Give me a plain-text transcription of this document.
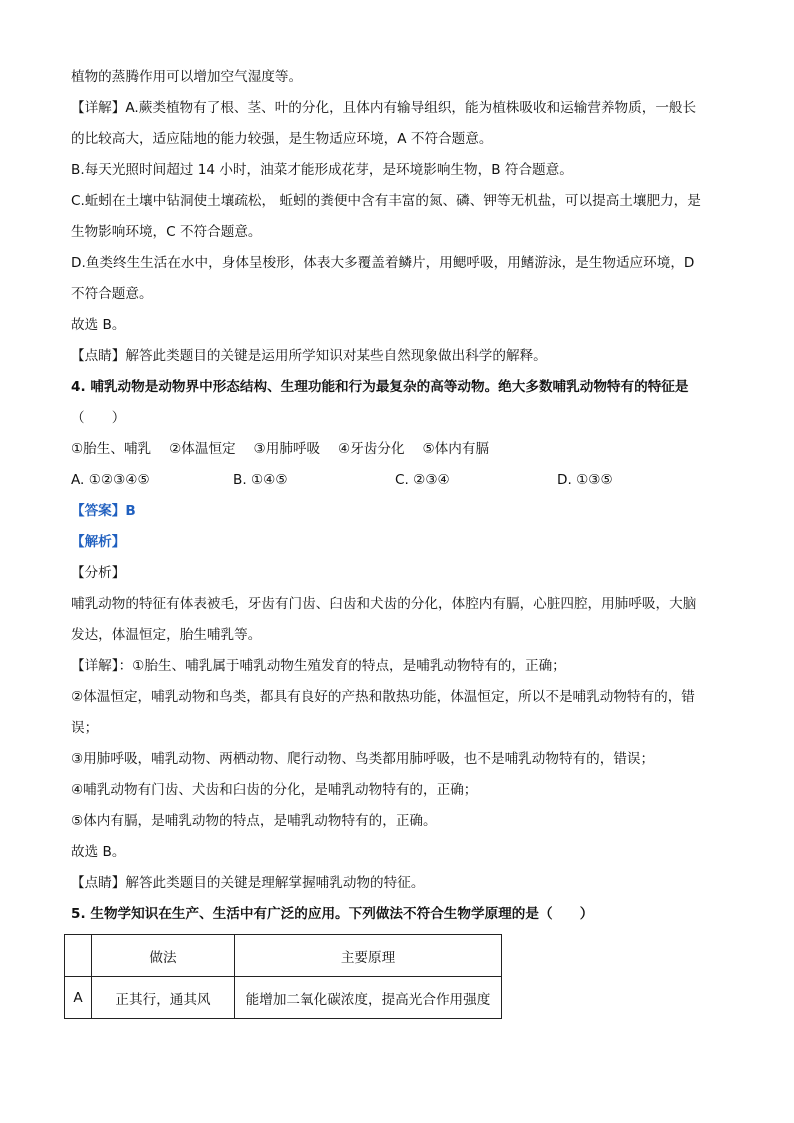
植物的蒸腾作用可以增加空气湿度等。
【详解】A.蕨类植物有了根、茎、叶的分化，且体内有输导组织，能为植株吸收和运输营养物质，一般长
的比较高大，适应陆地的能力较强，是生物适应环境，A 不符合题意。
B.每天光照时间超过 14 小时，油菜才能形成花芽，是环境影响生物，B 符合题意。
C.蚯蚓在土壤中钻洞使土壤疏松， 蚯蚓的粪便中含有丰富的氮、磷、钾等无机盐，可以提高土壤肥力，是
生物影响环境，C 不符合题意。
D.鱼类终生生活在水中，身体呈梭形，体表大多覆盖着鳞片，用鳃呼吸，用鳍游泳，是生物适应环境，D
不符合题意。
故选 B。
【点睛】解答此类题目的关键是运用所学知识对某些自然现象做出科学的解释。
4. 哺乳动物是动物界中形态结构、生理功能和行为最复杂的高等动物。绝大多数哺乳动物特有的特征是
（　　）
①胎生、哺乳　 ②体温恒定　 ③用肺呼吸　 ④牙齿分化　 ⑤体内有膈
A. ①②③④⑤	B. ①④⑤	C. ②③④	D. ①③⑤
【答案】B
【解析】
【分析】
哺乳动物的特征有体表被毛，牙齿有门齿、臼齿和犬齿的分化，体腔内有膈，心脏四腔，用肺呼吸，大脑
发达，体温恒定，胎生哺乳等。
【详解】：①胎生、哺乳属于哺乳动物生殖发育的特点，是哺乳动物特有的，正确；
②体温恒定，哺乳动物和鸟类，都具有良好的产热和散热功能，体温恒定，所以不是哺乳动物特有的，错
误；
③用肺呼吸，哺乳动物、两栖动物、爬行动物、鸟类都用肺呼吸，也不是哺乳动物特有的，错误；
④哺乳动物有门齿、犬齿和臼齿的分化，是哺乳动物特有的，正确；
⑤体内有膈，是哺乳动物的特点，是哺乳动物特有的，正确。
故选 B。
【点睛】解答此类题目的关键是理解掌握哺乳动物的特征。
5. 生物学知识在生产、生活中有广泛的应用。下列做法不符合生物学原理的是（　　）
	做法	主要原理
A	正其行，通其风	能增加二氧化碳浓度，提高光合作用强度
